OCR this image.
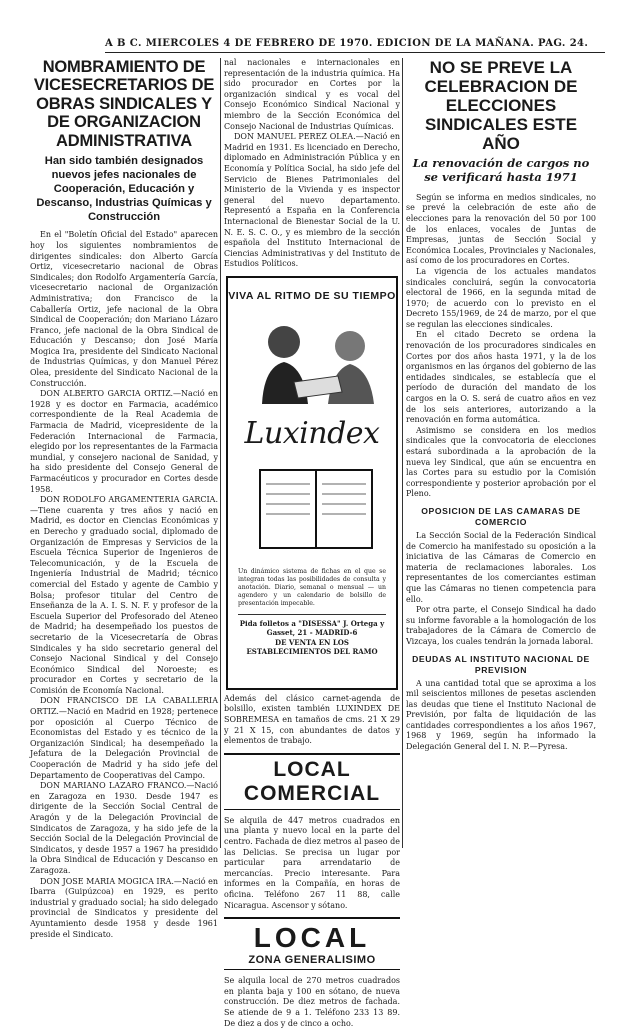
A B C. MIERCOLES 4 DE FEBRERO DE 1970. EDICION DE LA MAÑANA. PAG. 24.
NOMBRAMIENTO DE VICESECRETARIOS DE OBRAS SINDICALES Y DE ORGANIZACION ADMINISTRATIVA
Han sido también designados nuevos jefes nacionales de Cooperación, Educación y Descanso, Industrias Químicas y Construcción

En el "Boletín Oficial del Estado" aparecen hoy los siguientes nombramientos de dirigentes sindicales: don Alberto García Ortiz, vicesecretario nacional de Obras Sindicales; don Rodolfo Argamentería García, vicesecretario nacional de Organización Administrativa; don Francisco de la Caballería Ortiz, jefe nacional de la Obra Sindical de Cooperación; don Mariano Lázaro Franco, jefe nacional de la Obra Sindical de Educación y Descanso; don José María Mogica Ira, presidente del Sindicato Nacional de Industrias Químicas, y don Manuel Pérez Olea, presidente del Sindicato Nacional de la Construcción.

DON ALBERTO GARCIA ORTIZ.—Nació en 1928 y es doctor en Farmacia, académico correspondiente de la Real Academia de Farmacia de Madrid, vicepresidente de la Federación Internacional de Farmacia, elegido por los representantes de la Farmacia mundial, y consejero nacional de Sanidad, y ha sido presidente del Consejo General de Farmacéuticos y procurador en Cortes desde 1958.

DON RODOLFO ARGAMENTERIA GARCIA.—Tiene cuarenta y tres años y nació en Madrid, es doctor en Ciencias Económicas y en Derecho y graduado social, diplomado de Organización de Empresas y Servicios de la Escuela Técnica Superior de Ingenieros de Telecomunicación, y de la Escuela de Ingeniería Industrial de Madrid; técnico comercial del Estado y agente de Cambio y Bolsa; profesor titular del Centro de Enseñanza de la A. I. S. N. F. y profesor de la Escuela Superior del Profesorado del Ateneo de Madrid; ha desempeñado los puestos de secretario de la Vicesecretaría de Obras Sindicales y ha sido secretario general del Consejo Nacional Sindical y del Consejo Económico Sindical del Noroeste; es procurador en Cortes y secretario de la Comisión de Economía Nacional.

DON FRANCISCO DE LA CABALLERIA ORTIZ.—Nació en Madrid en 1928; pertenece por oposición al Cuerpo Técnico de Economistas del Estado y es técnico de la Organización Sindical; ha desempeñado la Jefatura de la Delegación Provincial de Cooperación de Madrid y ha sido jefe del Departamento de Cooperativas del Campo.

DON MARIANO LAZARO FRANCO.—Nació en Zaragoza en 1930. Desde 1947 es dirigente de la Sección Social Central de Aragón y de la Delegación Provincial de Sindicatos de Zaragoza, y ha sido jefe de la Sección Social de la Delegación Provincial de Sindicatos, y desde 1957 a 1967 ha presidido la Obra Sindical de Educación y Descanso en Zaragoza.

DON JOSE MARIA MOGICA IRA.—Nació en Ibarra (Guipúzcoa) en 1929, es perito industrial y graduado social; ha sido delegado provincial de Sindicatos y presidente del Ayuntamiento desde 1958 y desde 1961 preside el Sindicato.

nal nacionales e internacionales en representación de la industria química. Ha sido procurador en Cortes por la organización sindical y es vocal del Consejo Económico Sindical Nacional y miembro de la Sección Económica del Consejo Nacional de Industrias Químicas.

DON MANUEL PEREZ OLEA.—Nació en Madrid en 1931. Es licenciado en Derecho, diplomado en Administración Pública y en Economía y Política Social, ha sido jefe del Servicio de Bienes Patrimoniales del Ministerio de la Vivienda y es inspector general del nuevo departamento. Representó a España en la Conferencia Internacional de Bienestar Social de la U. N. E. S. C. O., y es miembro de la sección española del Instituto Internacional de Ciencias Administrativas y del Instituto de Estudios Políticos.

VIVA AL RITMO DE SU TIEMPO
Luxindex
Un dinámico sistema de fichas en el que se integran todas las posibilidades de consulta y anotación. Diario, semanal o mensual — un agendero y un calendario de bolsillo de presentación impecable.
Pida folletos a "DISESSA" J. Ortega y Gasset, 21 - MADRID-6
DE VENTA EN LOS ESTABLECIMIENTOS DEL RAMO

Además del clásico carnet-agenda de bolsillo, existen también LUXINDEX DE SOBREMESA en tamaños de cms. 21 X 29 y 21 X 15, con abundantes de datos y elementos de trabajo.

LOCAL COMERCIAL

Se alquila de 447 metros cuadrados en una planta y nuevo local en la parte del centro. Fachada de diez metros al paseo de las Delicias. Se precisa un lugar por particular para arrendatario de mercancías. Precio interesante. Para informes en la Compañía, en horas de oficina. Teléfono 267 11 88, calle Nicaragua. Ascensor y sótano.

LOCAL
ZONA GENERALISIMO

Se alquila local de 270 metros cuadrados en planta baja y 100 en sótano, de nueva construcción. De diez metros de fachada. Se atiende de 9 a 1. Teléfono 233 13 89. De diez a dos y de cinco a ocho.

NO SE PREVE LA CELEBRACION DE ELECCIONES SINDICALES ESTE AÑO
La renovación de cargos no se verificará hasta 1971

Según se informa en medios sindicales, no se prevé la celebración de este año de elecciones para la renovación del 50 por 100 de los enlaces, vocales de Juntas de Empresas, juntas de Sección Social y Económica Locales, Provinciales y Nacionales, así como de los procuradores en Cortes.

La vigencia de los actuales mandatos sindicales concluirá, según la convocatoria electoral de 1966, en la segunda mitad de 1970; de acuerdo con lo previsto en el Decreto 155/1969, de 24 de marzo, por el que se regulan las elecciones sindicales.

En el citado Decreto se ordena la renovación de los procuradores sindicales en Cortes por dos años hasta 1971, y la de los organismos en las órganos del gobierno de las entidades sindicales, se establecía que el período de duración del mandato de los cargos en la O. S. será de cuatro años en vez de los seis anteriores, autorizando a la renovación en forma automática.

Asimismo se considera en los medios sindicales que la convocatoria de elecciones estará subordinada a la aprobación de la nueva ley Sindical, que aún se encuentra en las Cortes para su estudio por la Comisión correspondiente y posterior aprobación por el Pleno.

OPOSICION DE LAS CAMARAS DE COMERCIO

La Sección Social de la Federación Sindical de Comercio ha manifestado su oposición a la iniciativa de las Cámaras de Comercio en materia de reclamaciones laborales. Los representantes de los comerciantes estiman que las Cámaras no tienen competencia para ello.

Por otra parte, el Consejo Sindical ha dado su informe favorable a la homologación de los trabajadores de la Cámara de Comercio de Vizcaya, los cuales tendrán la jornada laboral.

DEUDAS AL INSTITUTO NACIONAL DE PREVISION

A una cantidad total que se aproxima a los mil seiscientos millones de pesetas ascienden las deudas que tiene el Instituto Nacional de Previsión, por falta de liquidación de las cantidades correspondientes a los años 1967, 1968 y 1969, según ha informado la Delegación General del I. N. P.—Pyresa.
